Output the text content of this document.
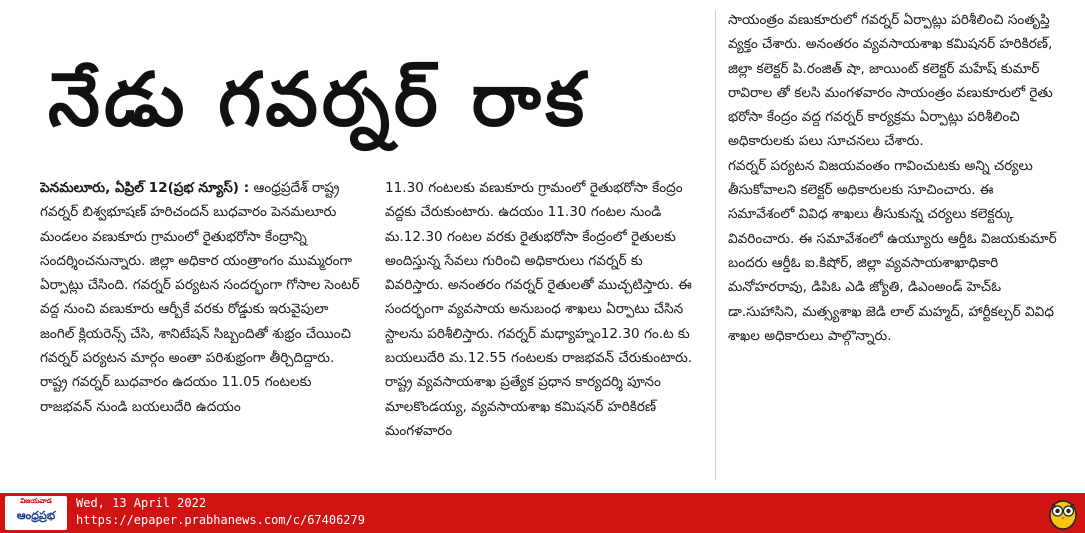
నేడు గవర్నర్ రాక

పెనమలూరు, ఏప్రిల్ 12(ప్రభ న్యూస్) : ఆంధ్రప్రదేశ్ రాష్ట్ర గవర్నర్ బిశ్వభూషణ్ హరిచందన్ బుధవారం పెనమలూరు మండలం వణుకూరు గ్రామంలో రైతుభరోసా కేంద్రాన్ని సందర్శించనున్నారు. జిల్లా అధికార యంత్రాంగం ముమ్మరంగా ఏర్పాట్లు చేసింది. గవర్నర్ పర్యటన సందర్భంగా గోసాల సెంటర్ వద్ద నుంచి వణుకూరు ఆర్బీకే వరకు రోడ్డుకు ఇరువైపులా జంగిల్ క్లియరెన్స్ చేసి, శానిటేషన్ సిబ్బందితో శుభ్రం చేయించి గవర్నర్ పర్యటన మార్గం అంతా పరిశుభ్రంగా తీర్చిదిద్దారు. రాష్ట్ర గవర్నర్ బుధవారం ఉదయం 11.05 గంటలకు రాజభవన్ నుండి బయలుదేరి ఉదయం

11.30 గంటలకు వణుకూరు గ్రామంలో రైతుభరోసా కేంద్రం వద్దకు చేరుకుంటారు. ఉదయం 11.30 గంటల నుండి మ.12.30 గంటల వరకు రైతుభరోసా కేంద్రంలో రైతులకు అందిస్తున్న సేవలు గురించి అధికారులు గవర్నర్ కు వివరిస్తారు. అనంతరం గవర్నర్ రైతులతో ముచ్చటిస్తారు. ఈ సందర్భంగా వ్యవసాయ అనుబంధ శాఖలు ఏర్పాటు చేసిన స్టాలను పరిశీలిస్తారు. గవర్నర్ మధ్యాహ్నం12.30 గం.ట కు బయలుదేరి మ.12.55 గంటలకు రాజభవన్ చేరుకుంటారు. రాష్ట్ర వ్యవసాయశాఖ ప్రత్యేక ప్రధాన కార్యదర్శి పూనం మాలకొండయ్య, వ్యవసాయశాఖ కమిషనర్ హరికిరణ్ మంగళవారం

సాయంత్రం వణుకూరులో గవర్నర్ ఏర్పాట్లు పరిశీలించి సంతృప్తి వ్యక్తం చేశారు. అనంతరం వ్యవసాయశాఖ కమిషనర్ హరికిరణ్, జిల్లా కలెక్టర్ పి.రంజిత్ షా, జాయింట్ కలెక్టర్ మహేష్ కుమార్ రావిరాల తో కలసి మంగళవారం సాయంత్రం వణుకూరులో రైతు భరోసా కేంద్రం వద్ద గవర్నర్ కార్యక్రమ ఏర్పాట్లు పరిశీలించి అధికారులకు పలు సూచనలు చేశారు.

గవర్నర్ పర్యటన విజయవంతం గావించుటకు అన్ని చర్యలు తీసుకోవాలని కలెక్టర్ అధికారులకు సూచించారు. ఈ సమావేశంలో వివిధ శాఖలు తీసుకున్న చర్యలు కలెక్టర్కు వివరించారు. ఈ సమావేశంలో ఉయ్యూరు ఆర్డీఓ విజయకుమార్ బందరు ఆర్డీఓ ఐ.కిషోర్, జిల్లా వ్యవసాయశాఖాధికారి మనోహరరావు, డిపిఓ ఎడి జ్యోతి, డిఎంఅండ్ హెచ్ఓ డా.సుహాసిని, మత్స్యశాఖ జెడి లాల్ మహ్మద్, హార్టీకల్చర్ వివిధ శాఖల అధికారులు పాల్గొన్నారు.

విజయవాడ
ఆంధ్రప్రభ
Wed, 13 April 2022
https://epaper.prabhanews.com/c/67406279
